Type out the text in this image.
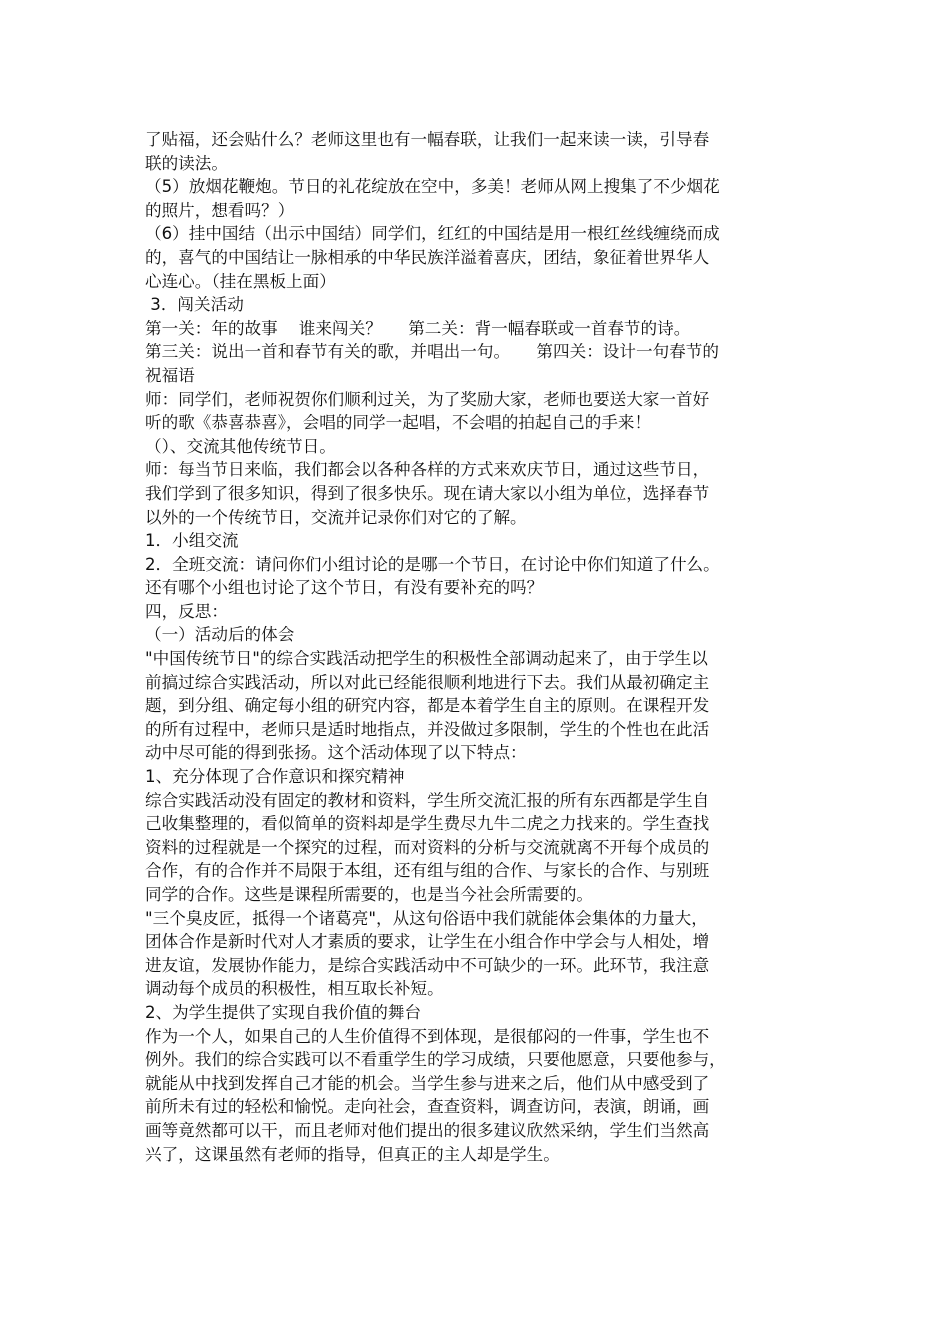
了贴福，还会贴什么？老师这里也有一幅春联，让我们一起来读一读，引导春
联的读法。
（5）放烟花鞭炮。节日的礼花绽放在空中，多美！老师从网上搜集了不少烟花
的照片，想看吗？）
（6）挂中国结（出示中国结）同学们，红红的中国结是用一根红丝线缠绕而成
的，喜气的中国结让一脉相承的中华民族洋溢着喜庆，团结，象征着世界华人
心连心。（挂在黑板上面）
3．闯关活动
第一关：年的故事    谁来闯关？     第二关：背一幅春联或一首春节的诗。
第三关：说出一首和春节有关的歌，并唱出一句。     第四关：设计一句春节的
祝福语
师：同学们，老师祝贺你们顺利过关，为了奖励大家，老师也要送大家一首好
听的歌《恭喜恭喜》，会唱的同学一起唱，不会唱的拍起自己的手来！
（）、交流其他传统节日。
师：每当节日来临，我们都会以各种各样的方式来欢庆节日，通过这些节日，
我们学到了很多知识，得到了很多快乐。现在请大家以小组为单位，选择春节
以外的一个传统节日，交流并记录你们对它的了解。
1．小组交流
2．全班交流：请问你们小组讨论的是哪一个节日，在讨论中你们知道了什么。
还有哪个小组也讨论了这个节日，有没有要补充的吗？
四，反思：
（一）活动后的体会
"中国传统节日"的综合实践活动把学生的积极性全部调动起来了，由于学生以
前搞过综合实践活动，所以对此已经能很顺利地进行下去。我们从最初确定主
题，到分组、确定每小组的研究内容，都是本着学生自主的原则。在课程开发
的所有过程中，老师只是适时地指点，并没做过多限制，学生的个性也在此活
动中尽可能的得到张扬。这个活动体现了以下特点：
1、充分体现了合作意识和探究精神
综合实践活动没有固定的教材和资料，学生所交流汇报的所有东西都是学生自
己收集整理的，看似简单的资料却是学生费尽九牛二虎之力找来的。学生查找
资料的过程就是一个探究的过程，而对资料的分析与交流就离不开每个成员的
合作，有的合作并不局限于本组，还有组与组的合作、与家长的合作、与别班
同学的合作。这些是课程所需要的，也是当今社会所需要的。
"三个臭皮匠，抵得一个诸葛亮"，从这句俗语中我们就能体会集体的力量大，
团体合作是新时代对人才素质的要求，让学生在小组合作中学会与人相处，增
进友谊，发展协作能力，是综合实践活动中不可缺少的一环。此环节，我注意
调动每个成员的积极性，相互取长补短。
2、为学生提供了实现自我价值的舞台
作为一个人，如果自己的人生价值得不到体现，是很郁闷的一件事，学生也不
例外。我们的综合实践可以不看重学生的学习成绩，只要他愿意，只要他参与，
就能从中找到发挥自己才能的机会。当学生参与进来之后，他们从中感受到了
前所未有过的轻松和愉悦。走向社会，查查资料，调查访问，表演，朗诵，画
画等竟然都可以干，而且老师对他们提出的很多建议欣然采纳，学生们当然高
兴了，这课虽然有老师的指导，但真正的主人却是学生。
